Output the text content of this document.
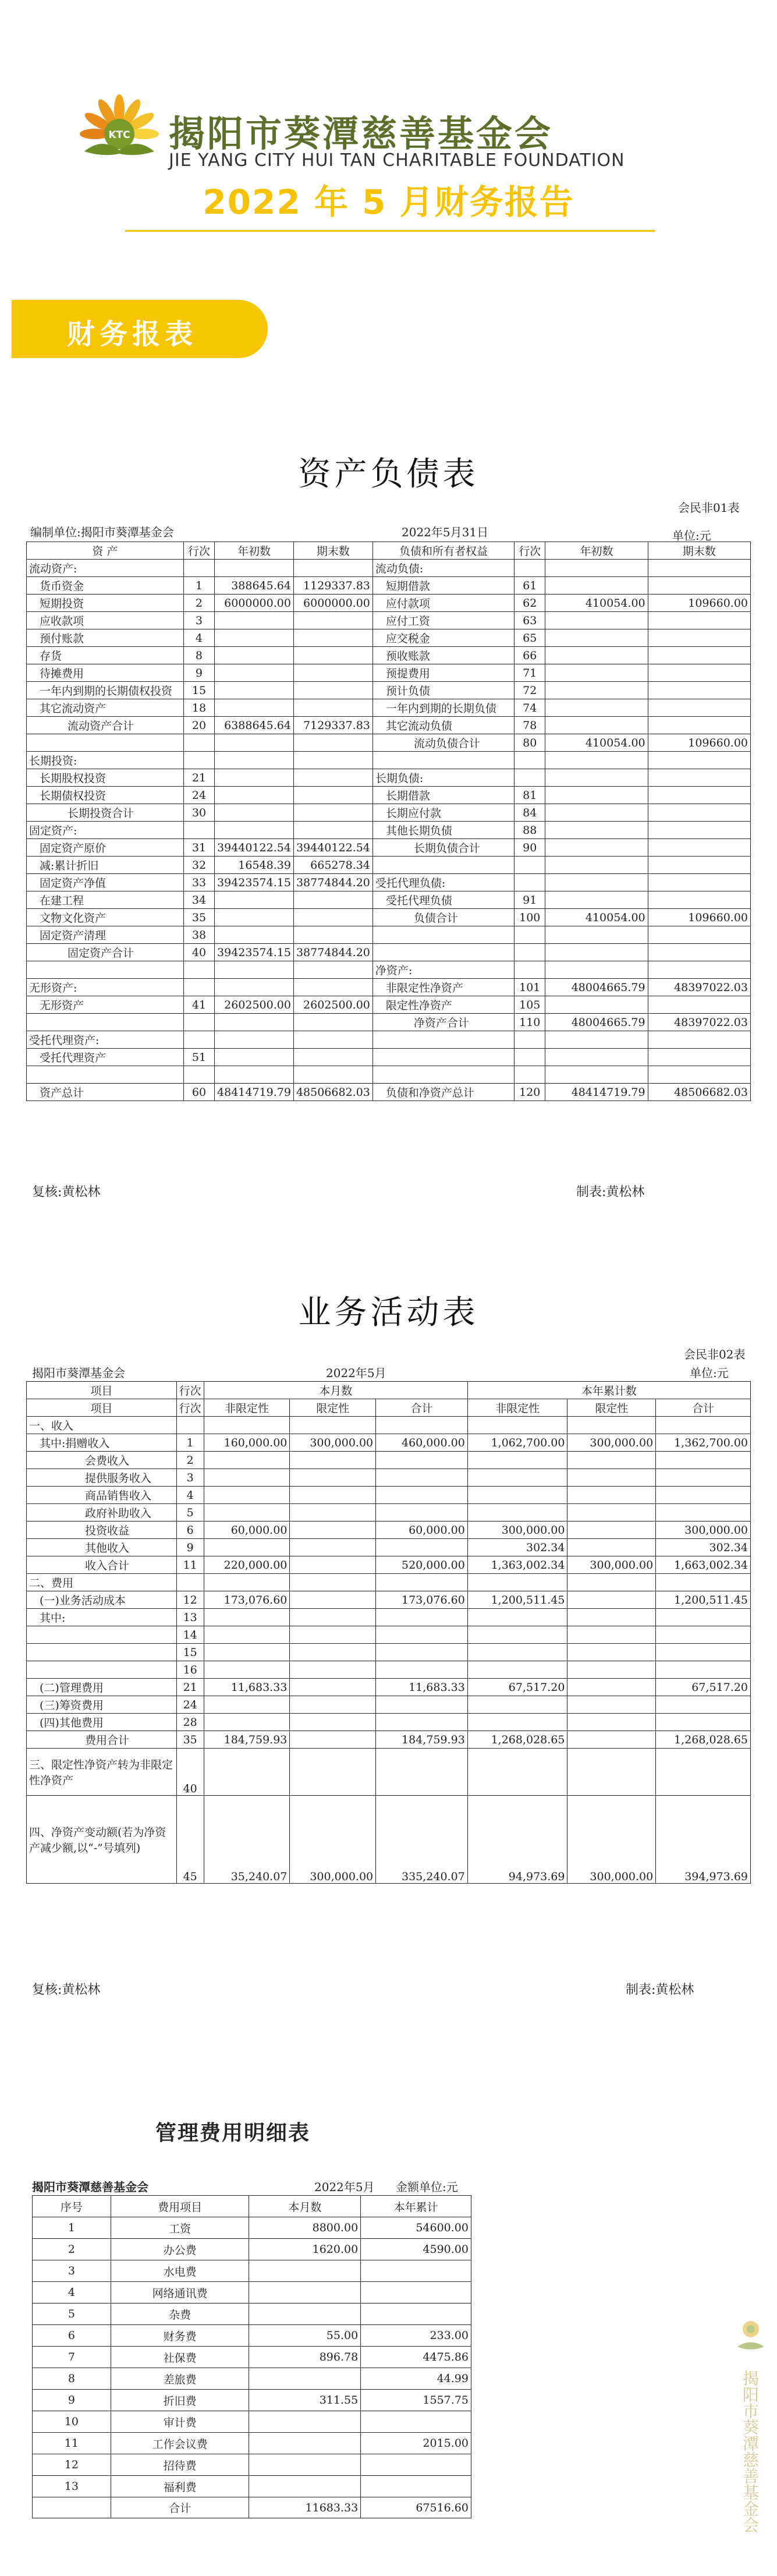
KTC 揭阳市葵潭慈善基金会
JIE YANG CITY HUI TAN CHARITABLE FOUNDATION
2022 年 5 月财务报告
财务报表
资产负债表
会民非01表
编制单位:揭阳市葵潭基金会	2022年5月31日	单位:元
资 产	行次	年初数	期末数	负债和所有者权益	行次	年初数	期末数
流动资产:				流动负债:			
货币资金	1	388645.64	1129337.83	短期借款	61		
短期投资	2	6000000.00	6000000.00	应付款项	62	410054.00	109660.00
应收款项	3			应付工资	63		
预付账款	4			应交税金	65		
存货	8			预收账款	66		
待摊费用	9			预提费用	71		
一年内到期的长期债权投资	15			预计负债	72		
其它流动资产	18			一年内到期的长期负债	74		
流动资产合计	20	6388645.64	7129337.83	其它流动负债	78		
				流动负债合计	80	410054.00	109660.00
长期投资:							
长期股权投资	21			长期负债:			
长期债权投资	24			长期借款	81		
长期投资合计	30			长期应付款	84		
固定资产:				其他长期负债	88		
固定资产原价	31	39440122.54	39440122.54	长期负债合计	90		
减:累计折旧	32	16548.39	665278.34				
固定资产净值	33	39423574.15	38774844.20	受托代理负债:			
在建工程	34			受托代理负债	91		
文物文化资产	35			负债合计	100	410054.00	109660.00
固定资产清理	38						
固定资产合计	40	39423574.15	38774844.20				
				净资产:			
无形资产:				非限定性净资产	101	48004665.79	48397022.03
无形资产	41	2602500.00	2602500.00	限定性净资产	105		
				净资产合计	110	48004665.79	48397022.03
受托代理资产:							
受托代理资产	51						

资产总计	60	48414719.79	48506682.03	负债和净资产总计	120	48414719.79	48506682.03
复核:黄松林	制表:黄松林
业务活动表
会民非02表
揭阳市葵潭基金会	2022年5月	单位:元
项目	行次	本月数			本年累计数		
项目	行次	非限定性	限定性	合计	非限定性	限定性	合计
一、收入							
其中:捐赠收入	1	160,000.00	300,000.00	460,000.00	1,062,700.00	300,000.00	1,362,700.00
会费收入	2						
提供服务收入	3						
商品销售收入	4						
政府补助收入	5						
投资收益	6	60,000.00		60,000.00	300,000.00		300,000.00
其他收入	9				302.34		302.34
收入合计	11	220,000.00		520,000.00	1,363,002.34	300,000.00	1,663,002.34
二、费用							
(一)业务活动成本	12	173,076.60		173,076.60	1,200,511.45		1,200,511.45
其中:	13						
	14						
	15						
	16						
(二)管理费用	21	11,683.33		11,683.33	67,517.20		67,517.20
(三)筹资费用	24						
(四)其他费用	28						
费用合计	35	184,759.93		184,759.93	1,268,028.65		1,268,028.65
三、限定性净资产转为非限定性净资产	40						
四、净资产变动额(若为净资产减少额,以“-”号填列)	45	35,240.07	300,000.00	335,240.07	94,973.69	300,000.00	394,973.69
复核:黄松林	制表:黄松林
管理费用明细表
揭阳市葵潭慈善基金会	2022年5月 金额单位:元
序号	费用项目	本月数	本年累计
1	工资	8800.00	54600.00
2	办公费	1620.00	4590.00
3	水电费		
4	网络通讯费		
5	杂费		
6	财务费	55.00	233.00
7	社保费	896.78	4475.86
8	差旅费		44.99
9	折旧费	311.55	1557.75
10	审计费		
11	工作会议费		2015.00
12	招待费		
13	福利费		
	合计	11683.33	67516.60	揭阳市葵潭慈善基金会
